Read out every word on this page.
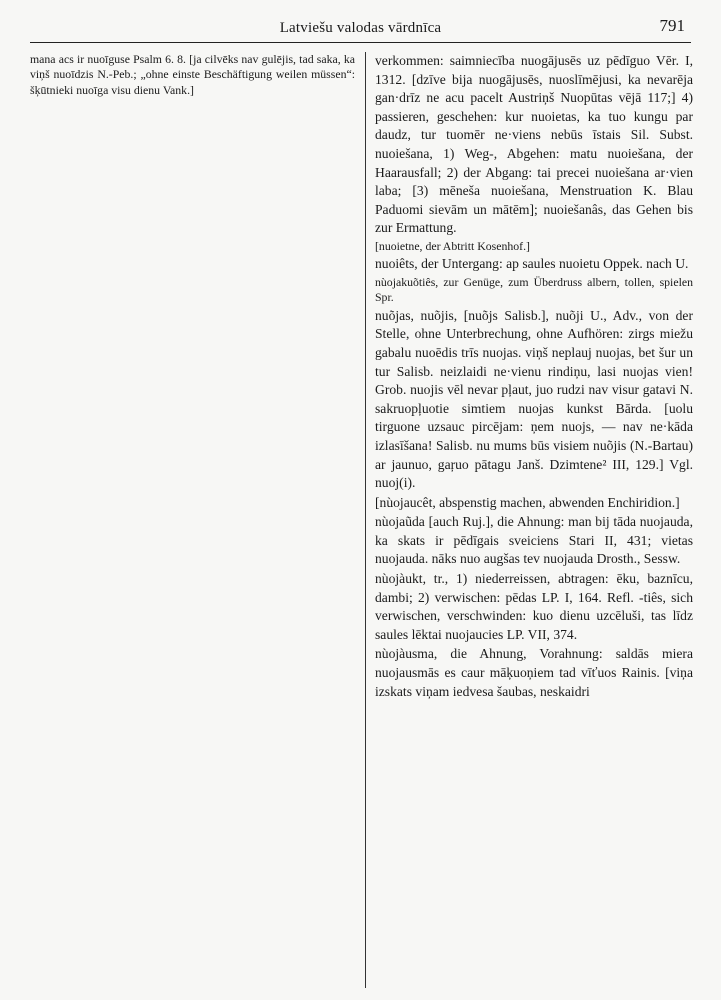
Latviešu valodas vārdnīca	791

mana acs ir nuoīguse Psalm 6. 8. [ja cilvēks nav gulējis, tad saka, ka viņš nuoīdzis N.-Peb.; „ohne einste Beschäftigung weilen müssen“: šķūtnieki nuoīga visu dienu Vank.]

verkommen: saimniecība nuogājusēs uz pēdīguo Vēr. I, 1312. [dzīve bija nuogājusēs, nuoslīmējusi, ka nevarēja gan·drīz ne acu pacelt Austriņš Nuopūtas vējā 117;] 4) passieren, geschehen: kur nuoietas, ka tuo kungu par daudz, tur tuomēr ne·viens nebūs īstais Sil. Subst. nuoiešana, 1) Weg-, Abgehen: matu nuoiešana, der Haarausfall; 2) der Abgang: tai precei nuoiešana ar·vien laba; [3) mēneša nuoiešana, Menstruation K. Blau Paduomi sievām un mātēm]; nuoiešanâs, das Gehen bis zur Ermattung.

[nuoietne, der Abtritt Kosenhof.]

nuoiêts, der Untergang: ap saules nuoietu Oppek. nach U.

nùojakuõtiês, zur Genüge, zum Überdruss albern, tollen, spielen Spr.

nuõjas, nuõjis, [nuõjs Salisb.], nuõji U., Adv., von der Stelle, ohne Unterbrechung, ohne Aufhören: zirgs miežu gabalu nuoēdis trīs nuojas. viņš neplauj nuojas, bet šur un tur Salisb. neizlaidi ne·vienu rindiņu, lasi nuojas vien! Grob. nuojis vēl nevar pļaut, juo rudzi nav visur gatavi N. sakruopļuotie simtiem nuojas kunkst Bārda. [uolu tirguone uzsauc pircējam: ņem nuojs, — nav ne·kāda izlasīšana! Salisb. nu mums būs visiem nuõjis (N.-Bartau) ar jaunuo, gaŗuo pātagu Janš. Dzimtene² III, 129.] Vgl. nuoj(i).

[nùojaucêt, abspenstig machen, abwenden Enchiridion.]

nùojaũda [auch Ruj.], die Ahnung: man bij tāda nuojauda, ka skats ir pēdīgais sveiciens Stari II, 431; vietas nuojauda. nāks nuo augšas tev nuojauda Drosth., Sessw.

nùojàukt, tr., 1) niederreissen, abtragen: ēku, baznīcu, dambi; 2) verwischen: pēdas LP. I, 164. Refl. -tiês, sich verwischen, verschwinden: kuo dienu uzcēluši, tas līdz saules lēktai nuojaucies LP. VII, 374.

nùojàusma, die Ahnung, Vorahnung: saldās miera nuojausmās es caur māķuoņiem tad vīťuos Rainis. [viņa izskats viņam iedvesa šaubas, neskaidri
